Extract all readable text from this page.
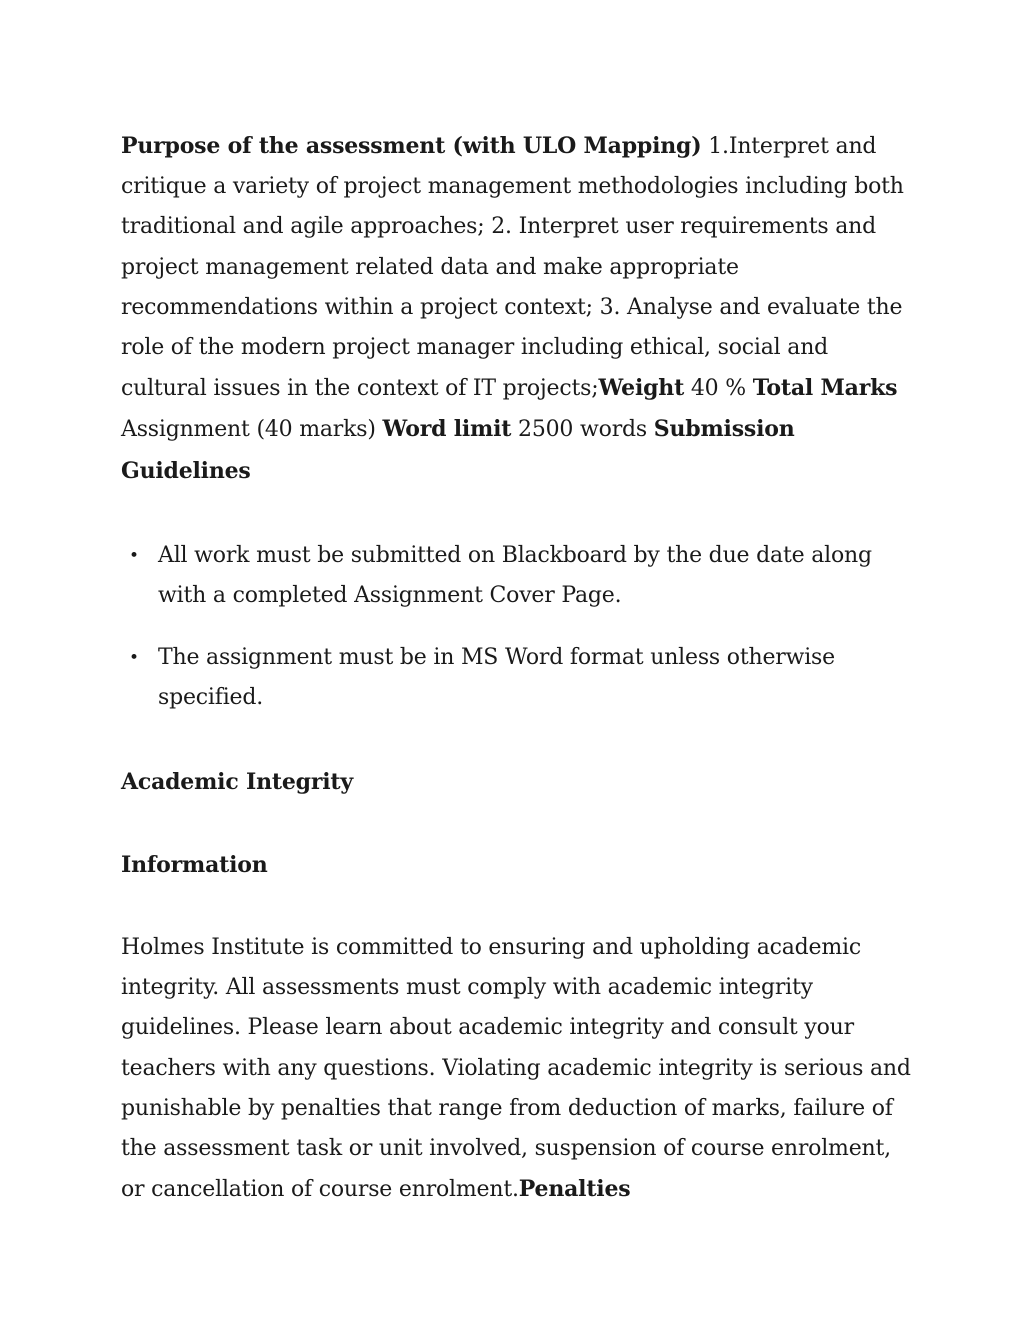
Purpose of the assessment (with ULO Mapping) 1.Interpret and critique a variety of project management methodologies including both traditional and agile approaches; 2. Interpret user requirements and project management related data and make appropriate recommendations within a project context; 3. Analyse and evaluate the role of the modern project manager including ethical, social and cultural issues in the context of IT projects;Weight 40 % Total Marks Assignment (40 marks) Word limit 2500 words Submission Guidelines

• All work must be submitted on Blackboard by the due date along with a completed Assignment Cover Page.
• The assignment must be in MS Word format unless otherwise specified.

Academic Integrity

Information

Holmes Institute is committed to ensuring and upholding academic integrity. All assessments must comply with academic integrity guidelines. Please learn about academic integrity and consult your teachers with any questions. Violating academic integrity is serious and punishable by penalties that range from deduction of marks, failure of the assessment task or unit involved, suspension of course enrolment, or cancellation of course enrolment.Penalties
